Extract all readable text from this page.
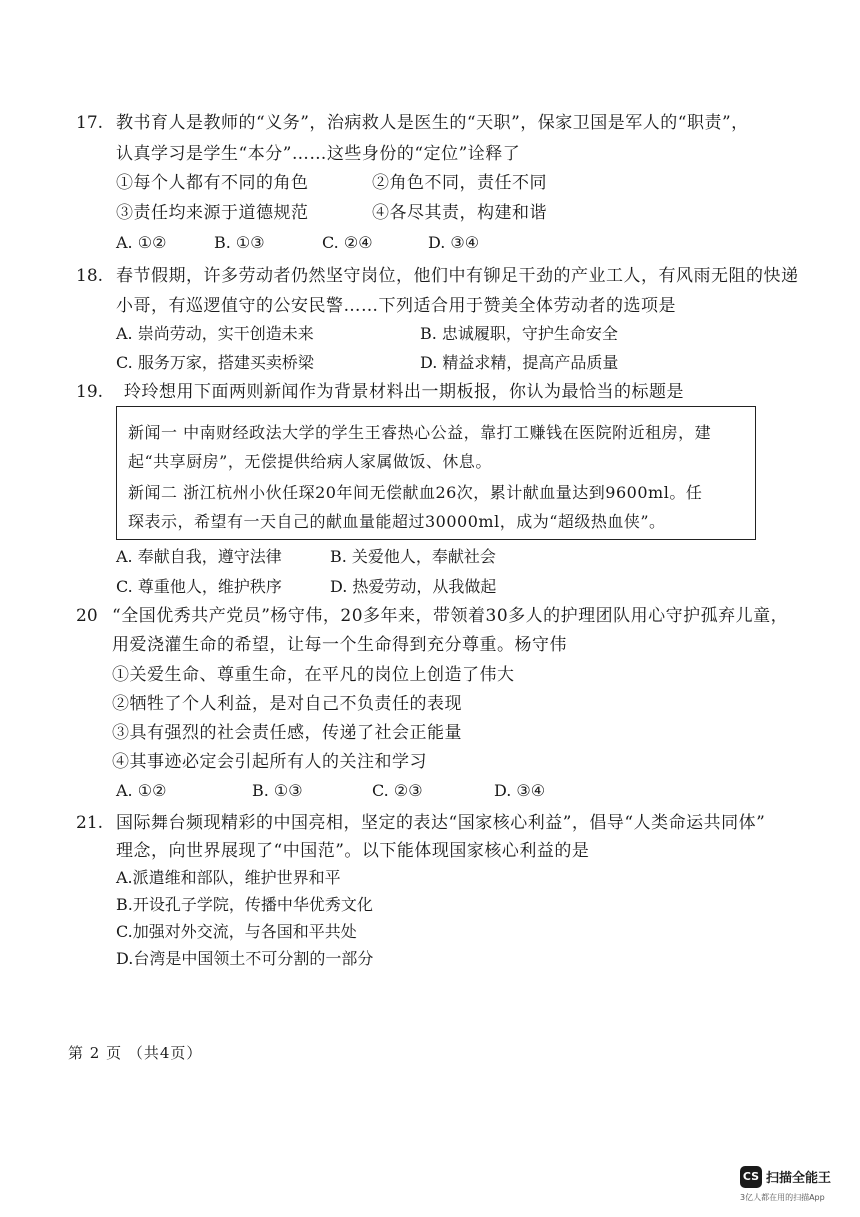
17. 教书育人是教师的“义务”，治病救人是医生的“天职”，保家卫国是军人的“职责”，
认真学习是学生“本分”……这些身份的“定位”诠释了
①每个人都有不同的角色	②角色不同，责任不同
③责任均来源于道德规范	④各尽其责，构建和谐
A. ①②	B. ①③	C. ②④	D. ③④
18. 春节假期，许多劳动者仍然坚守岗位，他们中有铆足干劲的产业工人，有风雨无阻的快递
小哥，有巡逻值守的公安民警……下列适合用于赞美全体劳动者的选项是
A. 崇尚劳动，实干创造未来	B. 忠诚履职，守护生命安全
C. 服务万家，搭建买卖桥梁	D. 精益求精，提高产品质量
19. 玲玲想用下面两则新闻作为背景材料出一期板报，你认为最恰当的标题是
新闻一 中南财经政法大学的学生王睿热心公益，靠打工赚钱在医院附近租房，建
起“共享厨房”，无偿提供给病人家属做饭、休息。
新闻二 浙江杭州小伙任琛20年间无偿献血26次，累计献血量达到9600ml。任
琛表示，希望有一天自己的献血量能超过30000ml，成为“超级热血侠”。
A. 奉献自我，遵守法律	B. 关爱他人，奉献社会
C. 尊重他人，维护秩序	D. 热爱劳动，从我做起
20 “全国优秀共产党员”杨守伟，20多年来，带领着30多人的护理团队用心守护孤弃儿童，
用爱浇灌生命的希望，让每一个生命得到充分尊重。杨守伟
①关爱生命、尊重生命，在平凡的岗位上创造了伟大
②牺牲了个人利益，是对自己不负责任的表现
③具有强烈的社会责任感，传递了社会正能量
④其事迹必定会引起所有人的关注和学习
A. ①②	B. ①③	C. ②③	D. ③④
21. 国际舞台频现精彩的中国亮相，坚定的表达“国家核心利益”，倡导“人类命运共同体”
理念，向世界展现了“中国范”。以下能体现国家核心利益的是
A.派遣维和部队，维护世界和平
B.开设孔子学院，传播中华优秀文化
C.加强对外交流，与各国和平共处
D.台湾是中国领土不可分割的一部分
第 2 页 （共4页）
CS 扫描全能王
3亿人都在用的扫描App
